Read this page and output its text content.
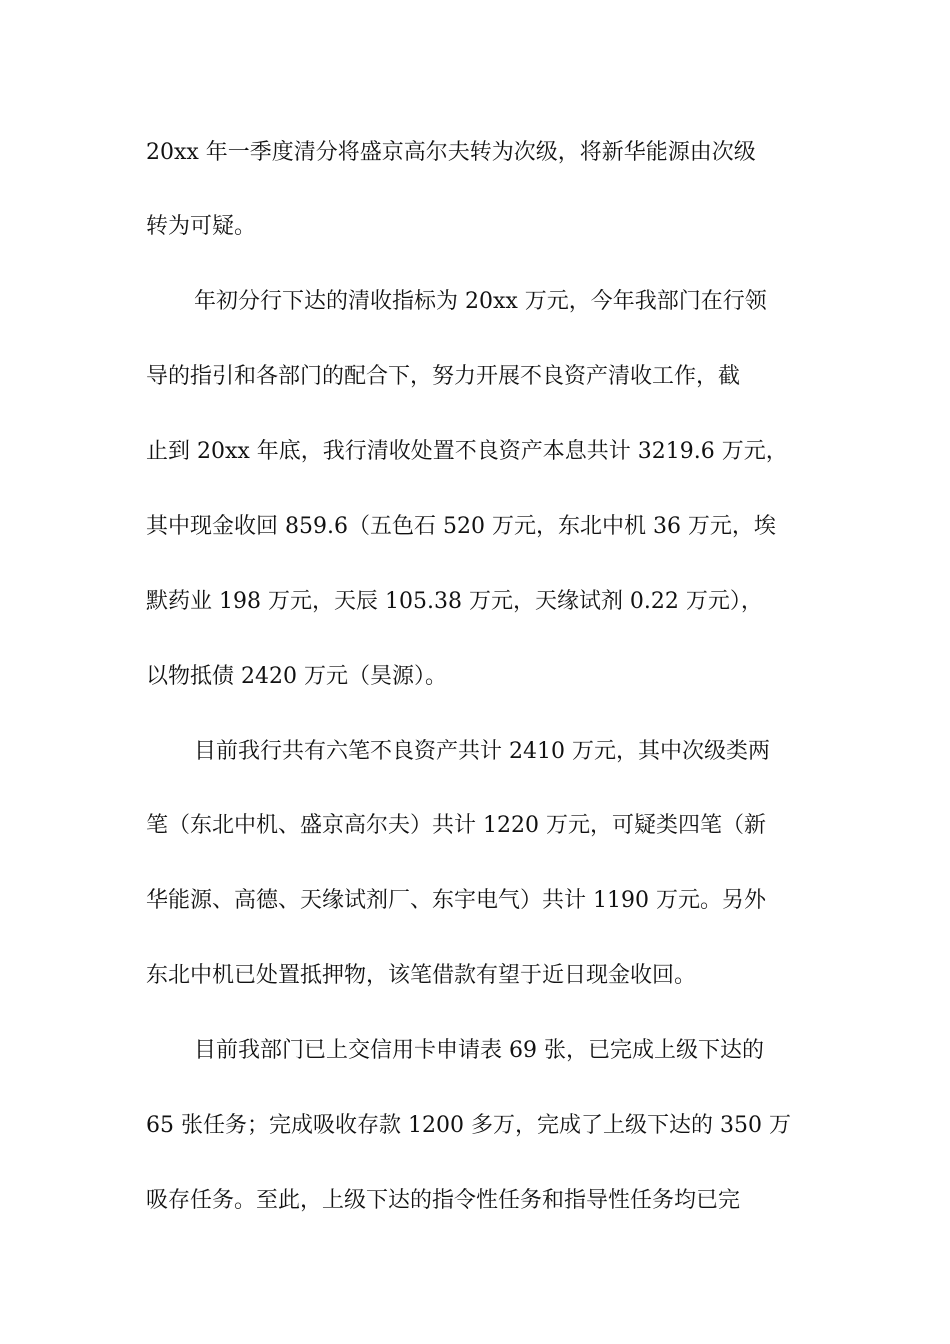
20xx 年一季度清分将盛京高尔夫转为次级，将新华能源由次级
转为可疑。
年初分行下达的清收指标为 20xx 万元，今年我部门在行领
导的指引和各部门的配合下，努力开展不良资产清收工作，截
止到 20xx 年底，我行清收处置不良资产本息共计 3219.6 万元，
其中现金收回 859.6（五色石 520 万元，东北中机 36 万元，埃
默药业 198 万元，天辰 105.38 万元，天缘试剂 0.22 万元），
以物抵债 2420 万元（昊源）。
目前我行共有六笔不良资产共计 2410 万元，其中次级类两
笔（东北中机、盛京高尔夫）共计 1220 万元，可疑类四笔（新
华能源、高德、天缘试剂厂、东宇电气）共计 1190 万元。另外
东北中机已处置抵押物，该笔借款有望于近日现金收回。
目前我部门已上交信用卡申请表 69 张，已完成上级下达的
65 张任务；完成吸收存款 1200 多万，完成了上级下达的 350 万
吸存任务。至此，上级下达的指令性任务和指导性任务均已完
